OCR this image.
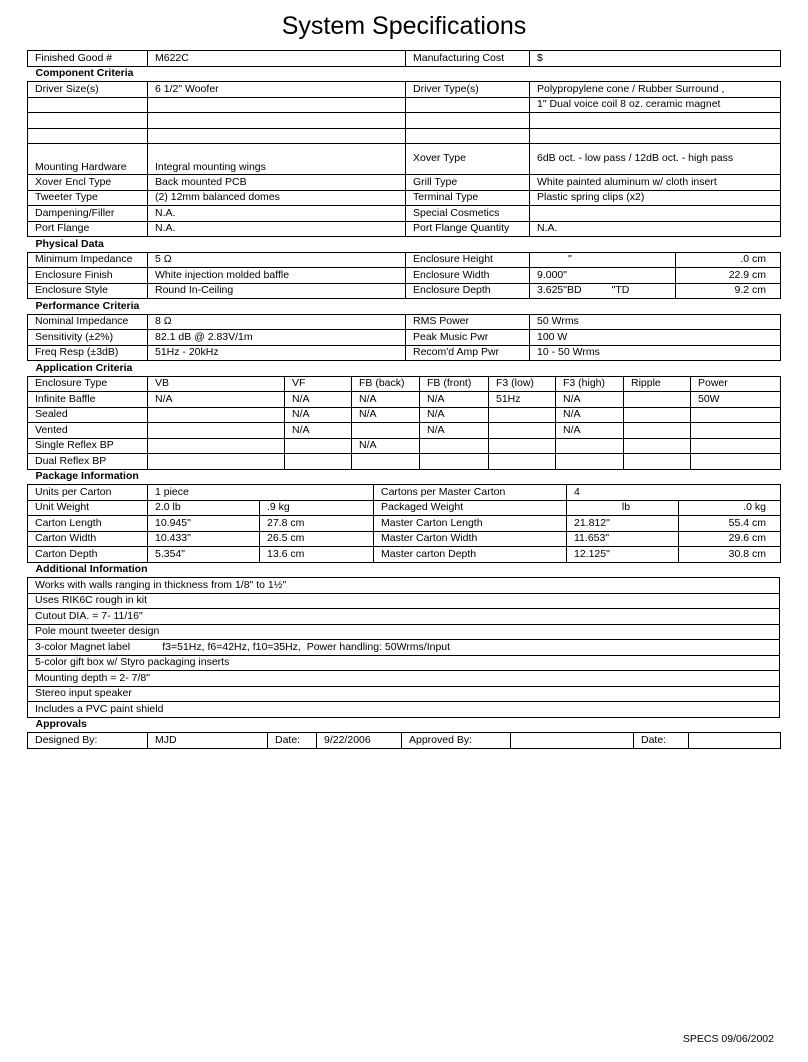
System Specifications
Finished Good #	M622C	Manufacturing Cost	$
Component Criteria			
Driver Size(s)	6 1/2" Woofer	Driver Type(s)	Polypropylene cone / Rubber Surround ,
			1" Dual voice coil 8 oz. ceramic magnet

Mounting Hardware	Integral mounting wings	Xover Type	6dB oct. - low pass / 12dB oct. - high pass
Xover Encl Type	Back mounted PCB	Grill Type	White painted aluminum w/ cloth insert
Tweeter Type	(2) 12mm balanced domes	Terminal Type	Plastic spring clips (x2)
Dampening/Filler	N.A.	Special Cosmetics	
Port Flange	N.A.	Port Flange Quantity	N.A.
Physical Data				
Minimum Impedance	5 Ω	Enclosure Height	"	.0 cm
Enclosure Finish	White injection molded baffle	Enclosure Width	9.000"	22.9 cm
Enclosure Style	Round In-Ceiling	Enclosure Depth	3.625"BD "TD	9.2 cm
Performance Criteria			
Nominal Impedance	8 Ω	RMS Power	50 Wrms
Sensitivity (±2%)	82.1 dB @ 2.83V/1m	Peak Music Pwr	100 W
Freq Resp (±3dB)	51Hz - 20kHz	Recom'd Amp Pwr	10 - 50 Wrms
Application Criteria								
Enclosure Type	VB	VF	FB (back)	FB (front)	F3 (low)	F3 (high)	Ripple	Power
Infinite Baffle	N/A	N/A	N/A	N/A	51Hz	N/A		50W
Sealed		N/A	N/A	N/A		N/A		
Vented		N/A		N/A		N/A		
Single Reflex BP			N/A					
Dual Reflex BP								
Package Information					
Units per Carton	1 piece		Cartons per Master Carton	4	
Unit Weight	2.0 lb	.9 kg	Packaged Weight	lb	.0 kg
Carton Length	10.945"	27.8 cm	Master Carton Length	21.812"	55.4 cm
Carton Width	10.433"	26.5 cm	Master Carton Width	11.653"	29.6 cm
Carton Depth	5.354"	13.6 cm	Master carton Depth	12.125"	30.8 cm
Additional Information
Works with walls ranging in thickness from 1/8" to 1½"
Uses RIK6C rough in kit
Cutout DIA. = 7- 11/16"
Pole mount tweeter design
3-color Magnet label           f3=51Hz, f6=42Hz, f10=35Hz,  Power handling: 50Wrms/Input
5-color gift box w/ Styro packaging inserts
Mounting depth = 2- 7/8"
Stereo input speaker
Includes a PVC paint shield
Approvals
Designed By:	MJD	Date:	9/22/2006	Approved By:		Date:	
SPECS 09/06/2002
